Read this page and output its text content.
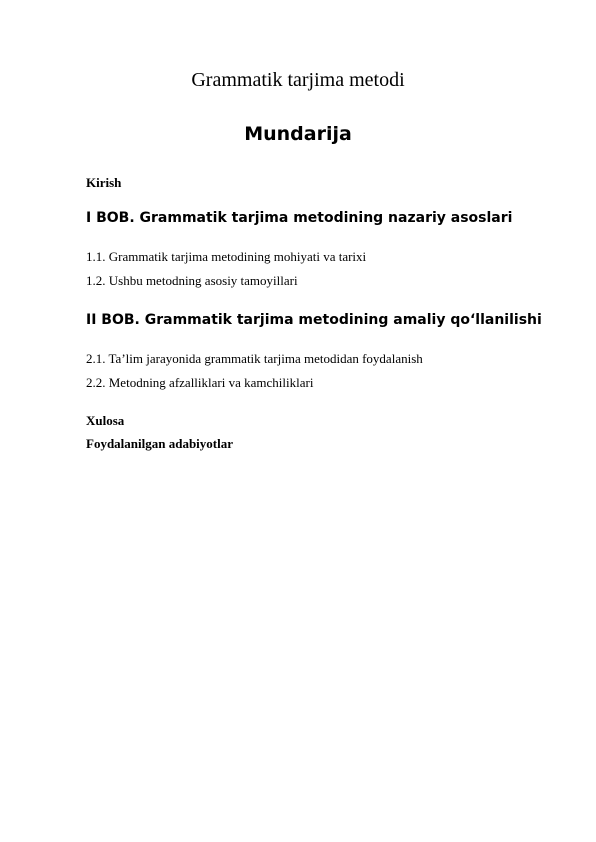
Grammatik tarjima metodi
Mundarija

Kirish

I BOB. Grammatik tarjima metodining nazariy asoslari

1.1. Grammatik tarjima metodining mohiyati va tarixi

1.2. Ushbu metodning asosiy tamoyillari

II BOB. Grammatik tarjima metodining amaliy qo‘llanilishi

2.1. Ta’lim jarayonida grammatik tarjima metodidan foydalanish

2.2. Metodning afzalliklari va kamchiliklari

Xulosa

Foydalanilgan adabiyotlar
